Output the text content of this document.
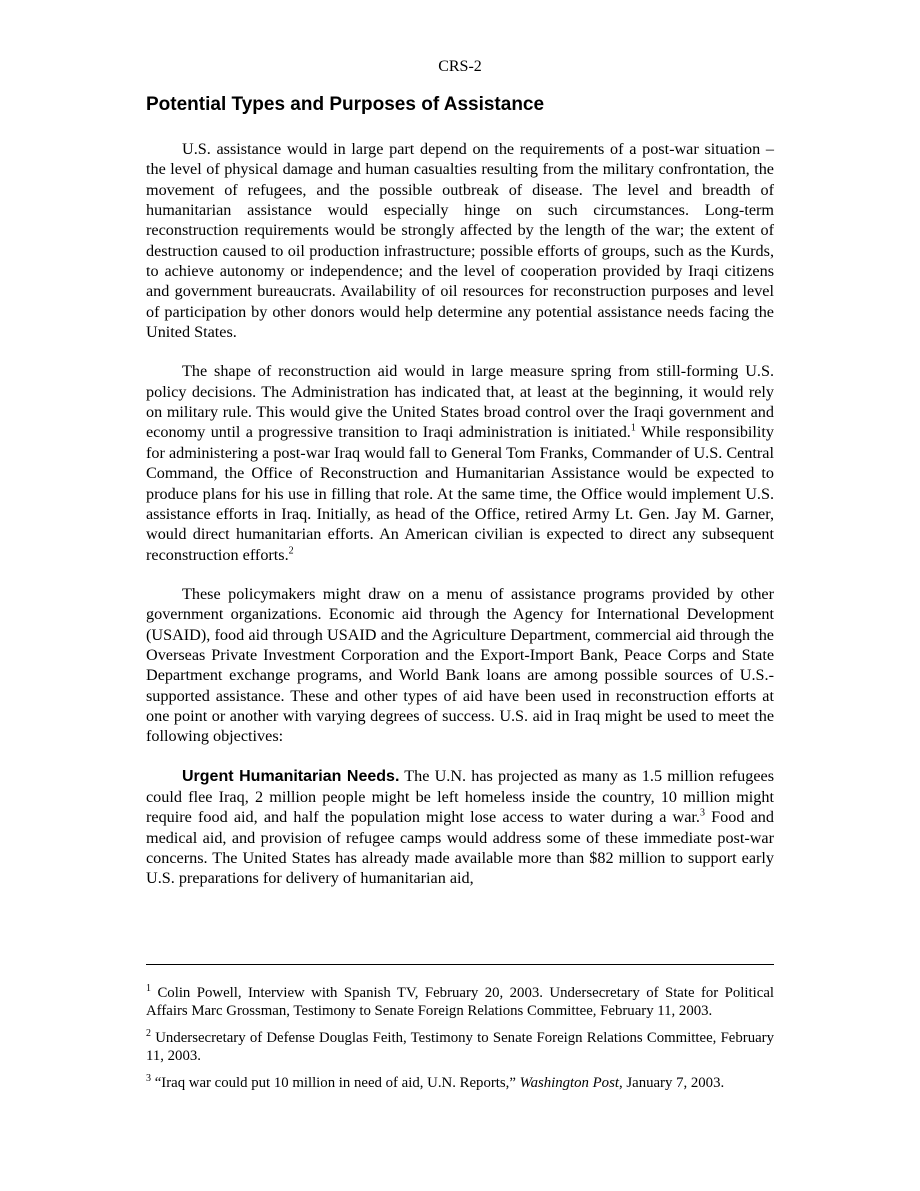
CRS-2
Potential Types and Purposes of Assistance

U.S. assistance would in large part depend on the requirements of a post-war situation – the level of physical damage and human casualties resulting from the military confrontation, the movement of refugees, and the possible outbreak of disease. The level and breadth of humanitarian assistance would especially hinge on such circumstances. Long-term reconstruction requirements would be strongly affected by the length of the war; the extent of destruction caused to oil production infrastructure; possible efforts of groups, such as the Kurds, to achieve autonomy or independence; and the level of cooperation provided by Iraqi citizens and government bureaucrats. Availability of oil resources for reconstruction purposes and level of participation by other donors would help determine any potential assistance needs facing the United States.

The shape of reconstruction aid would in large measure spring from still-forming U.S. policy decisions. The Administration has indicated that, at least at the beginning, it would rely on military rule. This would give the United States broad control over the Iraqi government and economy until a progressive transition to Iraqi administration is initiated.$^1$ While responsibility for administering a post-war Iraq would fall to General Tom Franks, Commander of U.S. Central Command, the Office of Reconstruction and Humanitarian Assistance would be expected to produce plans for his use in filling that role. At the same time, the Office would implement U.S. assistance efforts in Iraq. Initially, as head of the Office, retired Army Lt. Gen. Jay M. Garner, would direct humanitarian efforts. An American civilian is expected to direct any subsequent reconstruction efforts.$^2$

These policymakers might draw on a menu of assistance programs provided by other government organizations. Economic aid through the Agency for International Development (USAID), food aid through USAID and the Agriculture Department, commercial aid through the Overseas Private Investment Corporation and the Export-Import Bank, Peace Corps and State Department exchange programs, and World Bank loans are among possible sources of U.S.-supported assistance. These and other types of aid have been used in reconstruction efforts at one point or another with varying degrees of success. U.S. aid in Iraq might be used to meet the following objectives:

Urgent Humanitarian Needs. The U.N. has projected as many as 1.5 million refugees could flee Iraq, 2 million people might be left homeless inside the country, 10 million might require food aid, and half the population might lose access to water during a war.$^3$ Food and medical aid, and provision of refugee camps would address some of these immediate post-war concerns. The United States has already made available more than $82 million to support early U.S. preparations for delivery of humanitarian aid,

$^1$ Colin Powell, Interview with Spanish TV, February 20, 2003. Undersecretary of State for Political Affairs Marc Grossman, Testimony to Senate Foreign Relations Committee, February 11, 2003.

$^2$ Undersecretary of Defense Douglas Feith, Testimony to Senate Foreign Relations Committee, February 11, 2003.

$^3$ “Iraq war could put 10 million in need of aid, U.N. Reports,” Washington Post, January 7, 2003.
